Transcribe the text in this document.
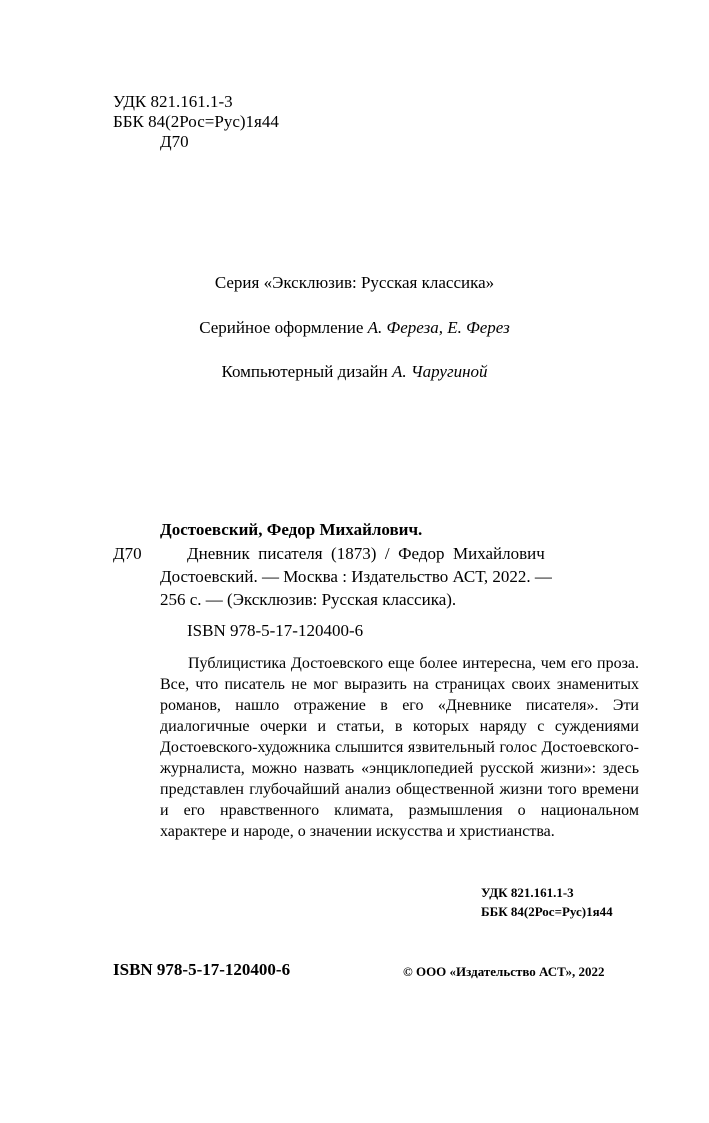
УДК 821.161.1-3
ББК 84(2Рос=Рус)1я44
Д70
Серия «Эксклюзив: Русская классика»
Серийное оформление А. Фереза, Е. Ферез
Компьютерный дизайн А. Чаругиной
Достоевский, Федор Михайлович.
Д70	Дневник  писателя  (1873)  /  Федор  Михайлович
Достоевский. — Москва : Издательство АСТ, 2022. —
256 с. — (Эксклюзив: Русская классика).
ISBN 978-5-17-120400-6

Публицистика Достоевского еще более интересна, чем его проза. Все, что писатель не мог выразить на страницах своих знаменитых романов, нашло отражение в его «Дневнике писателя». Эти диалогичные очерки и статьи, в которых наряду с суждениями Достоевского-художника слышится язвительный голос Достоевского-журналиста, можно назвать «энциклопедией русской жизни»: здесь представлен глубочайший анализ общественной жизни того времени и его нравственного климата, размышления о национальном характере и народе, о значении искусства и христианства.

УДК 821.161.1-3
ББК 84(2Рос=Рус)1я44
ISBN 978-5-17-120400-6	© ООО «Издательство АСТ», 2022
